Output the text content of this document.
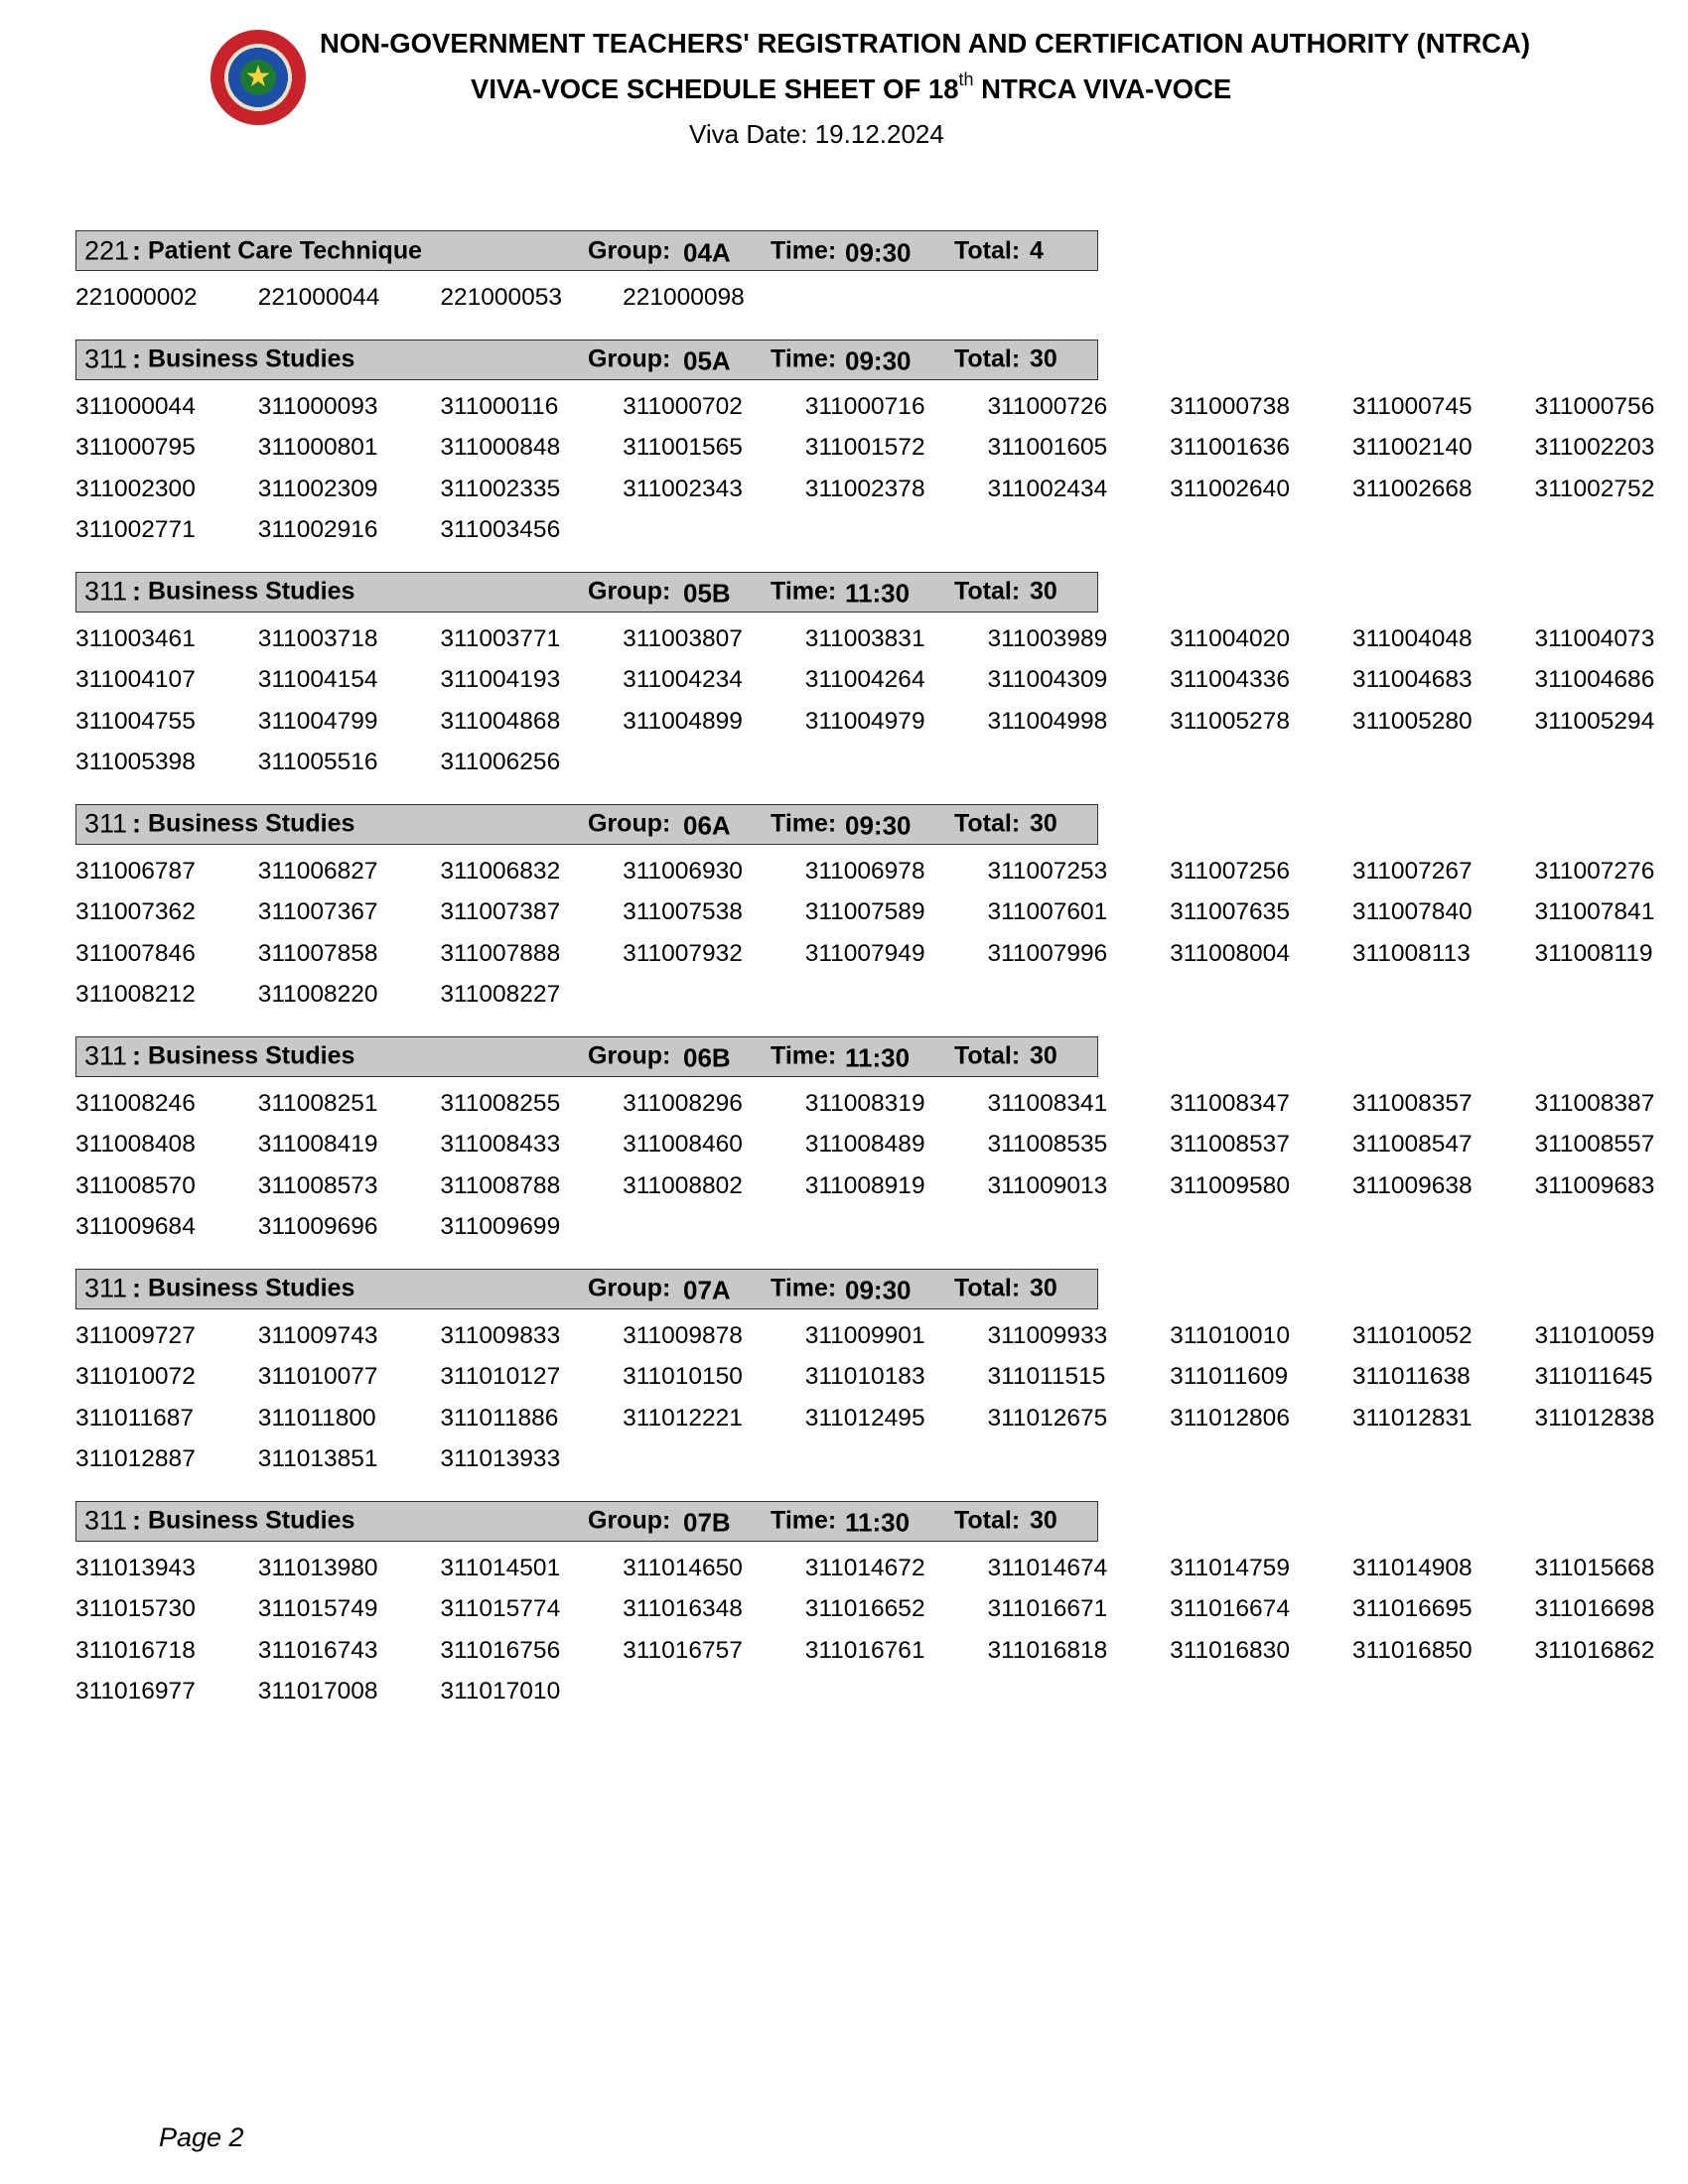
★
NON-GOVERNMENT TEACHERS' REGISTRATION AND CERTIFICATION AUTHORITY (NTRCA)
VIVA-VOCE SCHEDULE SHEET OF 18th NTRCA VIVA-VOCE
Viva Date: 19.12.2024
221 : Patient Care Technique	Group: 04A Time: 09:30 Total: 4
221000002	221000044	221000053	221000098
311 : Business Studies	Group: 05A Time: 09:30 Total: 30
311000044	311000093	311000116	311000702	311000716	311000726	311000738	311000745	311000756
311000795	311000801	311000848	311001565	311001572	311001605	311001636	311002140	311002203
311002300	311002309	311002335	311002343	311002378	311002434	311002640	311002668	311002752
311002771	311002916	311003456
311 : Business Studies	Group: 05B Time: 11:30 Total: 30
311003461	311003718	311003771	311003807	311003831	311003989	311004020	311004048	311004073
311004107	311004154	311004193	311004234	311004264	311004309	311004336	311004683	311004686
311004755	311004799	311004868	311004899	311004979	311004998	311005278	311005280	311005294
311005398	311005516	311006256
311 : Business Studies	Group: 06A Time: 09:30 Total: 30
311006787	311006827	311006832	311006930	311006978	311007253	311007256	311007267	311007276
311007362	311007367	311007387	311007538	311007589	311007601	311007635	311007840	311007841
311007846	311007858	311007888	311007932	311007949	311007996	311008004	311008113	311008119
311008212	311008220	311008227
311 : Business Studies	Group: 06B Time: 11:30 Total: 30
311008246	311008251	311008255	311008296	311008319	311008341	311008347	311008357	311008387
311008408	311008419	311008433	311008460	311008489	311008535	311008537	311008547	311008557
311008570	311008573	311008788	311008802	311008919	311009013	311009580	311009638	311009683
311009684	311009696	311009699
311 : Business Studies	Group: 07A Time: 09:30 Total: 30
311009727	311009743	311009833	311009878	311009901	311009933	311010010	311010052	311010059
311010072	311010077	311010127	311010150	311010183	311011515	311011609	311011638	311011645
311011687	311011800	311011886	311012221	311012495	311012675	311012806	311012831	311012838
311012887	311013851	311013933
311 : Business Studies	Group: 07B Time: 11:30 Total: 30
311013943	311013980	311014501	311014650	311014672	311014674	311014759	311014908	311015668
311015730	311015749	311015774	311016348	311016652	311016671	311016674	311016695	311016698
311016718	311016743	311016756	311016757	311016761	311016818	311016830	311016850	311016862
311016977	311017008	311017010
Page 2
